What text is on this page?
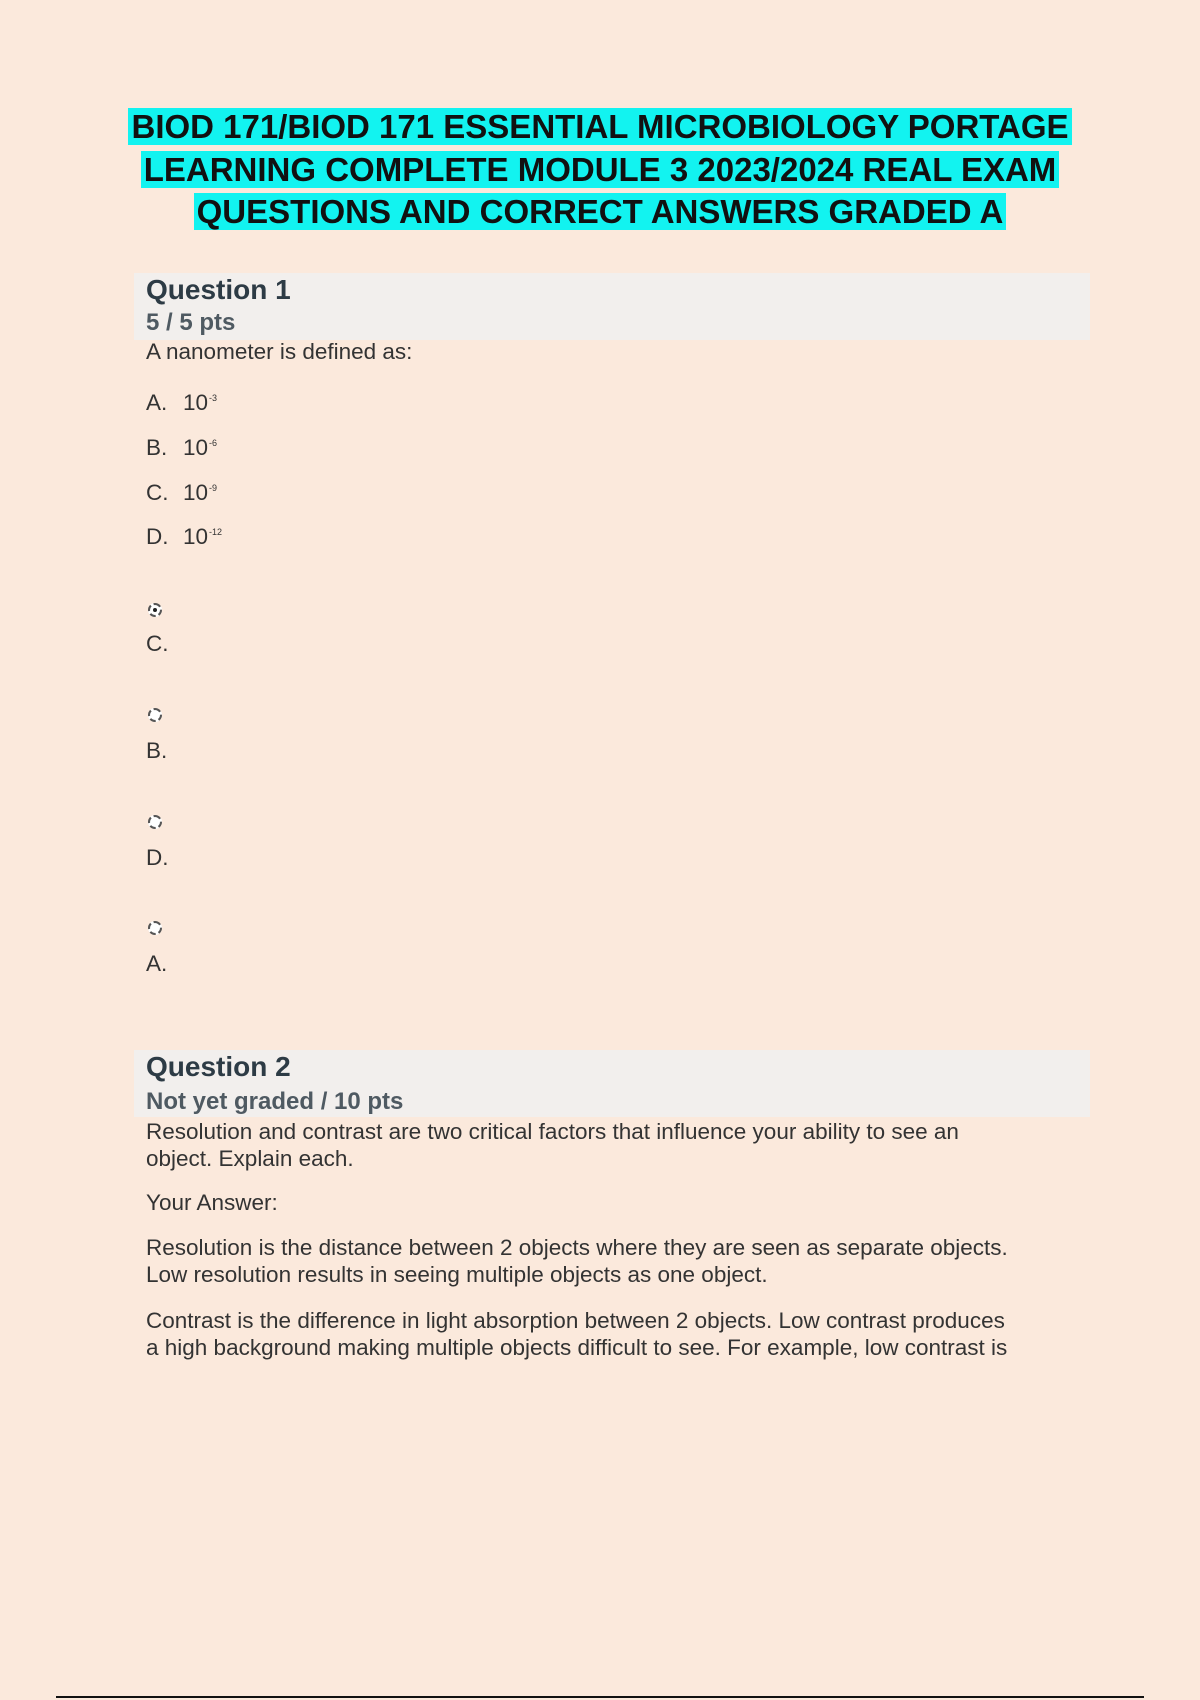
BIOD 171/BIOD 171 ESSENTIAL MICROBIOLOGY PORTAGE
LEARNING COMPLETE MODULE 3 2023/2024 REAL EXAM
QUESTIONS AND CORRECT ANSWERS GRADED A
Question 1
5 / 5 pts
A nanometer is defined as:
A. $10^{-3}$
B. $10^{-6}$
C. $10^{-9}$
D. $10^{-12}$
C.
B.
D.
A.
Question 2
Not yet graded / 10 pts
Resolution and contrast are two critical factors that influence your ability to see an
object. Explain each.
Your Answer:
Resolution is the distance between 2 objects where they are seen as separate objects.
Low resolution results in seeing multiple objects as one object.
Contrast is the difference in light absorption between 2 objects. Low contrast produces
a high background making multiple objects difficult to see. For example, low contrast is
